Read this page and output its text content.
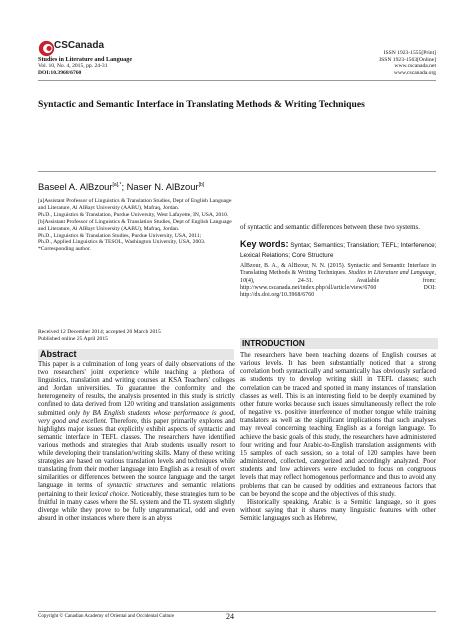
CSCanada
Studies in Literature and Language
Vol. 10, No. 4, 2015, pp. 24-31
DOI:10.3968/6760
ISSN 1923-1555[Print]
ISSN 1923-1563[Online]
www.cscanada.net
www.cscanada.org
Syntactic and Semantic Interface in Translating Methods & Writing Techniques
Baseel A. AlBzour$^{[a],*}$; Naser N. AlBzour[b]

[a]Assistant Professor of Linguistics & Translation Studies, Dept of English Language and Literature, Al AlBayt University (AABU), Mafraq, Jordan.

Ph.D., Linguistics & Translation, Purdue University, West Lafayette, IN, USA, 2010.

[b]Assistant Professor of Linguistics & Translation Studies, Dept of English Language and Literature, Al AlBayt University (AABU), Mafraq, Jordan.

Ph.D., Linguistics & Translation Studies, Purdue University, USA, 2011;

Ph.D., Applied Linguistics & TESOL, Washington University, USA, 2003.

*Corresponding author.

Received 12 December 2014; accepted 20 March 2015
Published online 25 April 2015
Abstract

This paper is a culmination of long years of daily observations of the two researchers' joint experience while teaching a plethora of linguistics, translation and writing courses at KSA Teachers' colleges and Jordan universities. To guarantee the conformity and the heterogeneity of results, the analysis presented in this study is strictly confined to data derived from 120 writing and translation assignments submitted only by BA English students whose performance is good, very good and excellent. Therefore, this paper primarily explores and highlights major issues that explicitly exhibit aspects of syntactic and semantic interface in TEFL classes. The researchers have identified various methods and strategies that Arab students usually resort to while developing their translation/writing skills. Many of these writing strategies are based on various translation levels and techniques while translating from their mother language into English as a result of overt similarities or differences between the source language and the target language in terms of syntactic structures and semantic relations pertaining to their lexical choice. Noticeably, these strategies turn to be fruitful in many cases where the SL system and the TL system slightly diverge while they prove to be fully ungrammatical, odd and even absurd in other instances where there is an abyss

of syntactic and semantic differences between these two systems.
Key words: Syntax; Semantics; Translation; TEFL; Interference; Lexical Relations; Core Structure
AlBzour, B. A., & AlBzour, N. N. (2015). Syntactic and Semantic Interface in Translating Methods & Writing Techniques. Studies in Literature and Language, 10(4), 24-31. Available from: http://www.cscanada.net/index.php/sll/article/view/6760 DOI: http://dx.doi.org/10.3968/6760
INTRODUCTION

The researchers have been teaching dozens of English courses at various levels. It has been substantially noticed that a strong correlation both syntactically and semantically has obviously surfaced as students try to develop writing skill in TEFL classes; such correlation can be traced and spotted in many instances of translation classes as well. This is an interesting field to be deeply examined by other future works because such issues simultaneously reflect the role of negative vs. positive interference of mother tongue while training translators as well as the significant implications that such analyses may reveal concerning teaching English as a foreign language. To achieve the basic goals of this study, the researchers have administered four writing and four Arabic-to-English translation assignments with 15 samples of each session, so a total of 120 samples have been administered, collected, categorized and accordingly analyzed. Poor students and low achievers were excluded to focus on congruous levels that may reflect homogenous performance and thus to avoid any problems that can be caused by oddities and extraneous factors that can be beyond the scope and the objectives of this study.

Historically speaking, Arabic is a Semitic language, so it goes without saying that it shares many linguistic features with other Semitic languages such as Hebrew,

Copyright © Canadian Academy of Oriental and Occidental Culture	24
